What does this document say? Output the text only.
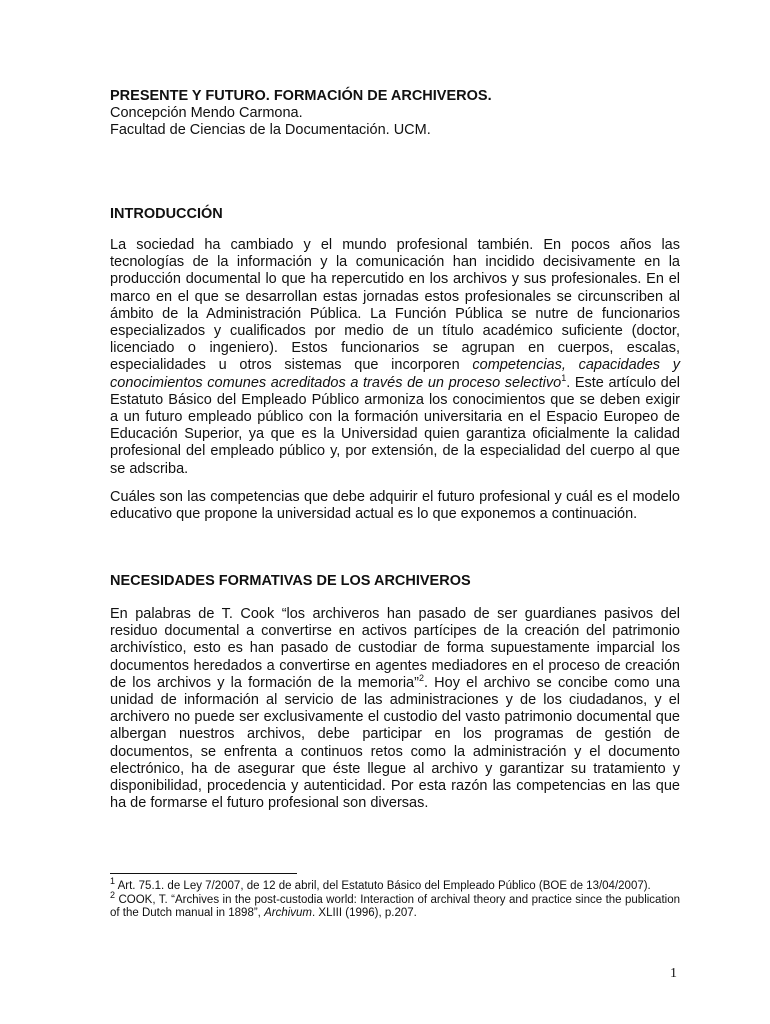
PRESENTE Y FUTURO. FORMACIÓN DE ARCHIVEROS.

Concepción Mendo Carmona.

Facultad de Ciencias de la Documentación. UCM.

INTRODUCCIÓN

La sociedad ha cambiado y el mundo profesional también. En pocos años las tecnologías de la información y la comunicación han incidido decisivamente en la producción documental lo que ha repercutido en los archivos y sus profesionales. En el marco en el que se desarrollan estas jornadas estos profesionales se circunscriben al ámbito de la Administración Pública. La Función Pública se nutre de funcionarios especializados y cualificados por medio de un título académico suficiente (doctor, licenciado o ingeniero). Estos funcionarios se agrupan en cuerpos, escalas, especialidades u otros sistemas que incorporen competencias, capacidades y conocimientos comunes acreditados a través de un proceso selectivo$^1$. Este artículo del Estatuto Básico del Empleado Público armoniza los conocimientos que se deben exigir a un futuro empleado público con la formación universitaria en el Espacio Europeo de Educación Superior, ya que es la Universidad quien garantiza oficialmente la calidad profesional del empleado público y, por extensión, de la especialidad del cuerpo al que se adscriba.

Cuáles son las competencias que debe adquirir el futuro profesional y cuál es el modelo educativo que propone la universidad actual es lo que exponemos a continuación.

NECESIDADES FORMATIVAS DE LOS ARCHIVEROS

En palabras de T. Cook “los archiveros han pasado de ser guardianes pasivos del residuo documental a convertirse en activos partícipes de la creación del patrimonio archivístico, esto es han pasado de custodiar de forma supuestamente imparcial los documentos heredados a convertirse en agentes mediadores en el proceso de creación de los archivos y la formación de la memoria”$^2$. Hoy el archivo se concibe como una unidad de información al servicio de las administraciones y de los ciudadanos, y el archivero no puede ser exclusivamente el custodio del vasto patrimonio documental que albergan nuestros archivos, debe participar en los programas de gestión de documentos, se enfrenta a continuos retos como la administración y el documento electrónico, ha de asegurar que éste llegue al archivo y garantizar su tratamiento y disponibilidad, procedencia y autenticidad. Por esta razón las competencias en las que ha de formarse el futuro profesional son diversas.

$^1$ Art. 75.1. de Ley 7/2007, de 12 de abril, del Estatuto Básico del Empleado Público (BOE de 13/04/2007).

$^2$ COOK, T. “Archives in the post-custodia world: Interaction of archival theory and practice since the publication of the Dutch manual in 1898”, Archivum. XLIII (1996), p.207.

1
